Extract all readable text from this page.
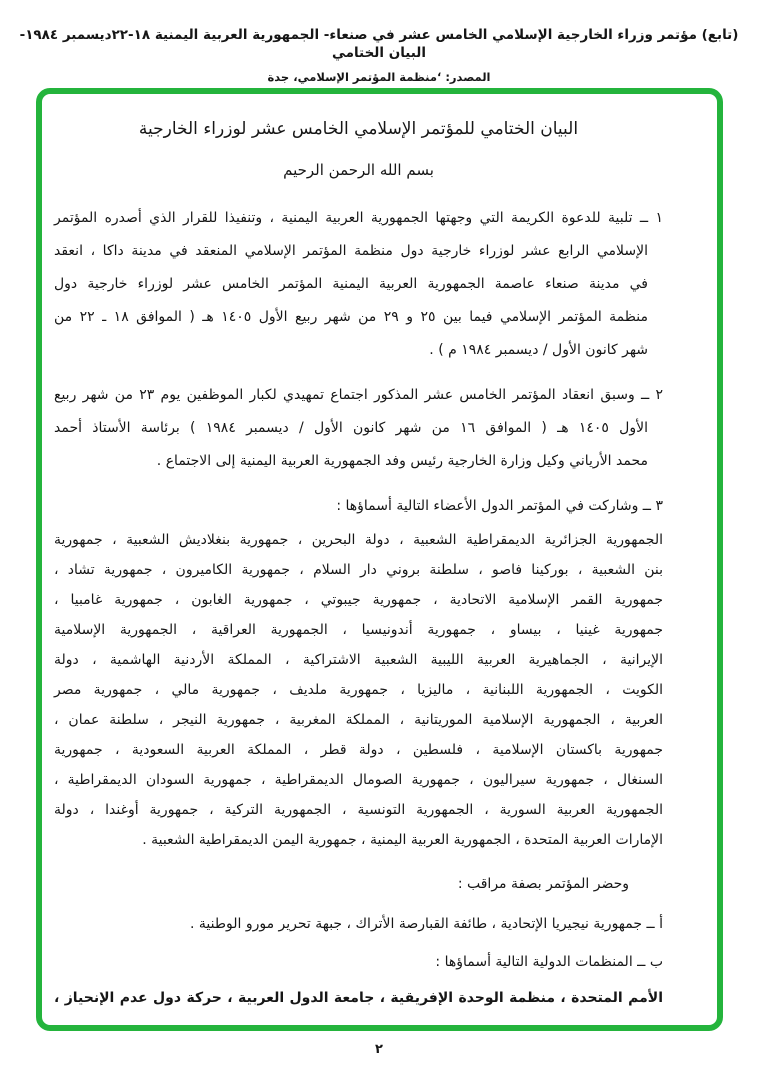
(تابع) مؤتمر وزراء الخارجية الإسلامي الخامس عشر في صنعاء- الجمهورية العربية اليمنية ١٨-٢٢ديسمبر ١٩٨٤-البيان الختامي
المصدر: ‘منظمة المؤتمر الإسلامي، جدة
البيان الختامي للمؤتمر الإسلامي الخامس عشر لوزراء الخارجية
بسم الله الرحمن الرحيم
١ ــ تلبية للدعوة الكريمة التي وجهتها الجمهورية العربية اليمنية ، وتنفيذا للقرار الذي أصدره المؤتمر
الإسلامي الرابع عشر لوزراء خارجية دول منظمة المؤتمر الإسلامي المنعقد في مدينة داكا ، انعقد
في مدينة صنعاء عاصمة الجمهورية العربية اليمنية المؤتمر الخامس عشر لوزراء خارجية دول
منظمة المؤتمر الإسلامي فيما بين ٢٥ و ٢٩ من شهر ربيع الأول ١٤٠٥ هـ ( الموافق ١٨ ـ ٢٢ من
شهر كانون الأول / ديسمبر ١٩٨٤ م ) .
٢ ــ وسبق انعقاد المؤتمر الخامس عشر المذكور اجتماع تمهيدي لكبار الموظفين يوم ٢٣ من شهر ربيع
الأول ١٤٠٥ هـ ( الموافق ١٦ من شهر كانون الأول / ديسمبر ١٩٨٤ ) برئاسة الأستاذ أحمد
محمد الأرياني وكيل وزارة الخارجية رئيس وفد الجمهورية العربية اليمنية إلى الاجتماع .
٣ ــ وشاركت في المؤتمر الدول الأعضاء التالية أسماؤها :
الجمهورية الجزائرية الديمقراطية الشعبية ، دولة البحرين ، جمهورية بنغلاديش الشعبية ، جمهورية
بنن الشعبية ، بوركينا فاصو ، سلطنة بروني دار السلام ، جمهورية الكاميرون ، جمهورية تشاد ،
جمهورية القمر الإسلامية الاتحادية ، جمهورية جيبوتي ، جمهورية الغابون ، جمهورية غامبيا ،
جمهورية غينيا ، بيساو ، جمهورية أندونيسيا ، الجمهورية العراقية ، الجمهورية الإسلامية
الإيرانية ، الجماهيرية العربية الليبية الشعبية الاشتراكية ، المملكة الأردنية الهاشمية ، دولة
الكويت ، الجمهورية اللبنانية ، ماليزيا ، جمهورية ملديف ، جمهورية مالي ، جمهورية مصر
العربية ، الجمهورية الإسلامية الموريتانية ، المملكة المغربية ، جمهورية النيجر ، سلطنة عمان ،
جمهورية باكستان الإسلامية ، فلسطين ، دولة قطر ، المملكة العربية السعودية ، جمهورية
السنغال ، جمهورية سيراليون ، جمهورية الصومال الديمقراطية ، جمهورية السودان الديمقراطية ،
الجمهورية العربية السورية ، الجمهورية التونسية ، الجمهورية التركية ، جمهورية أوغندا ، دولة
الإمارات العربية المتحدة ، الجمهورية العربية اليمنية ، جمهورية اليمن الديمقراطية الشعبية .
وحضر المؤتمر بصفة مراقب :
أ ــ جمهورية نيجيريا الإتحادية ، طائفة القبارصة الأتراك ، جبهة تحرير مورو الوطنية .
ب ــ المنظمات الدولية التالية أسماؤها :
الأمم المتحدة ، منظمة الوحدة الإفريقية ، جامعة الدول العربية ، حركة دول عدم الإنحياز ،
٢
